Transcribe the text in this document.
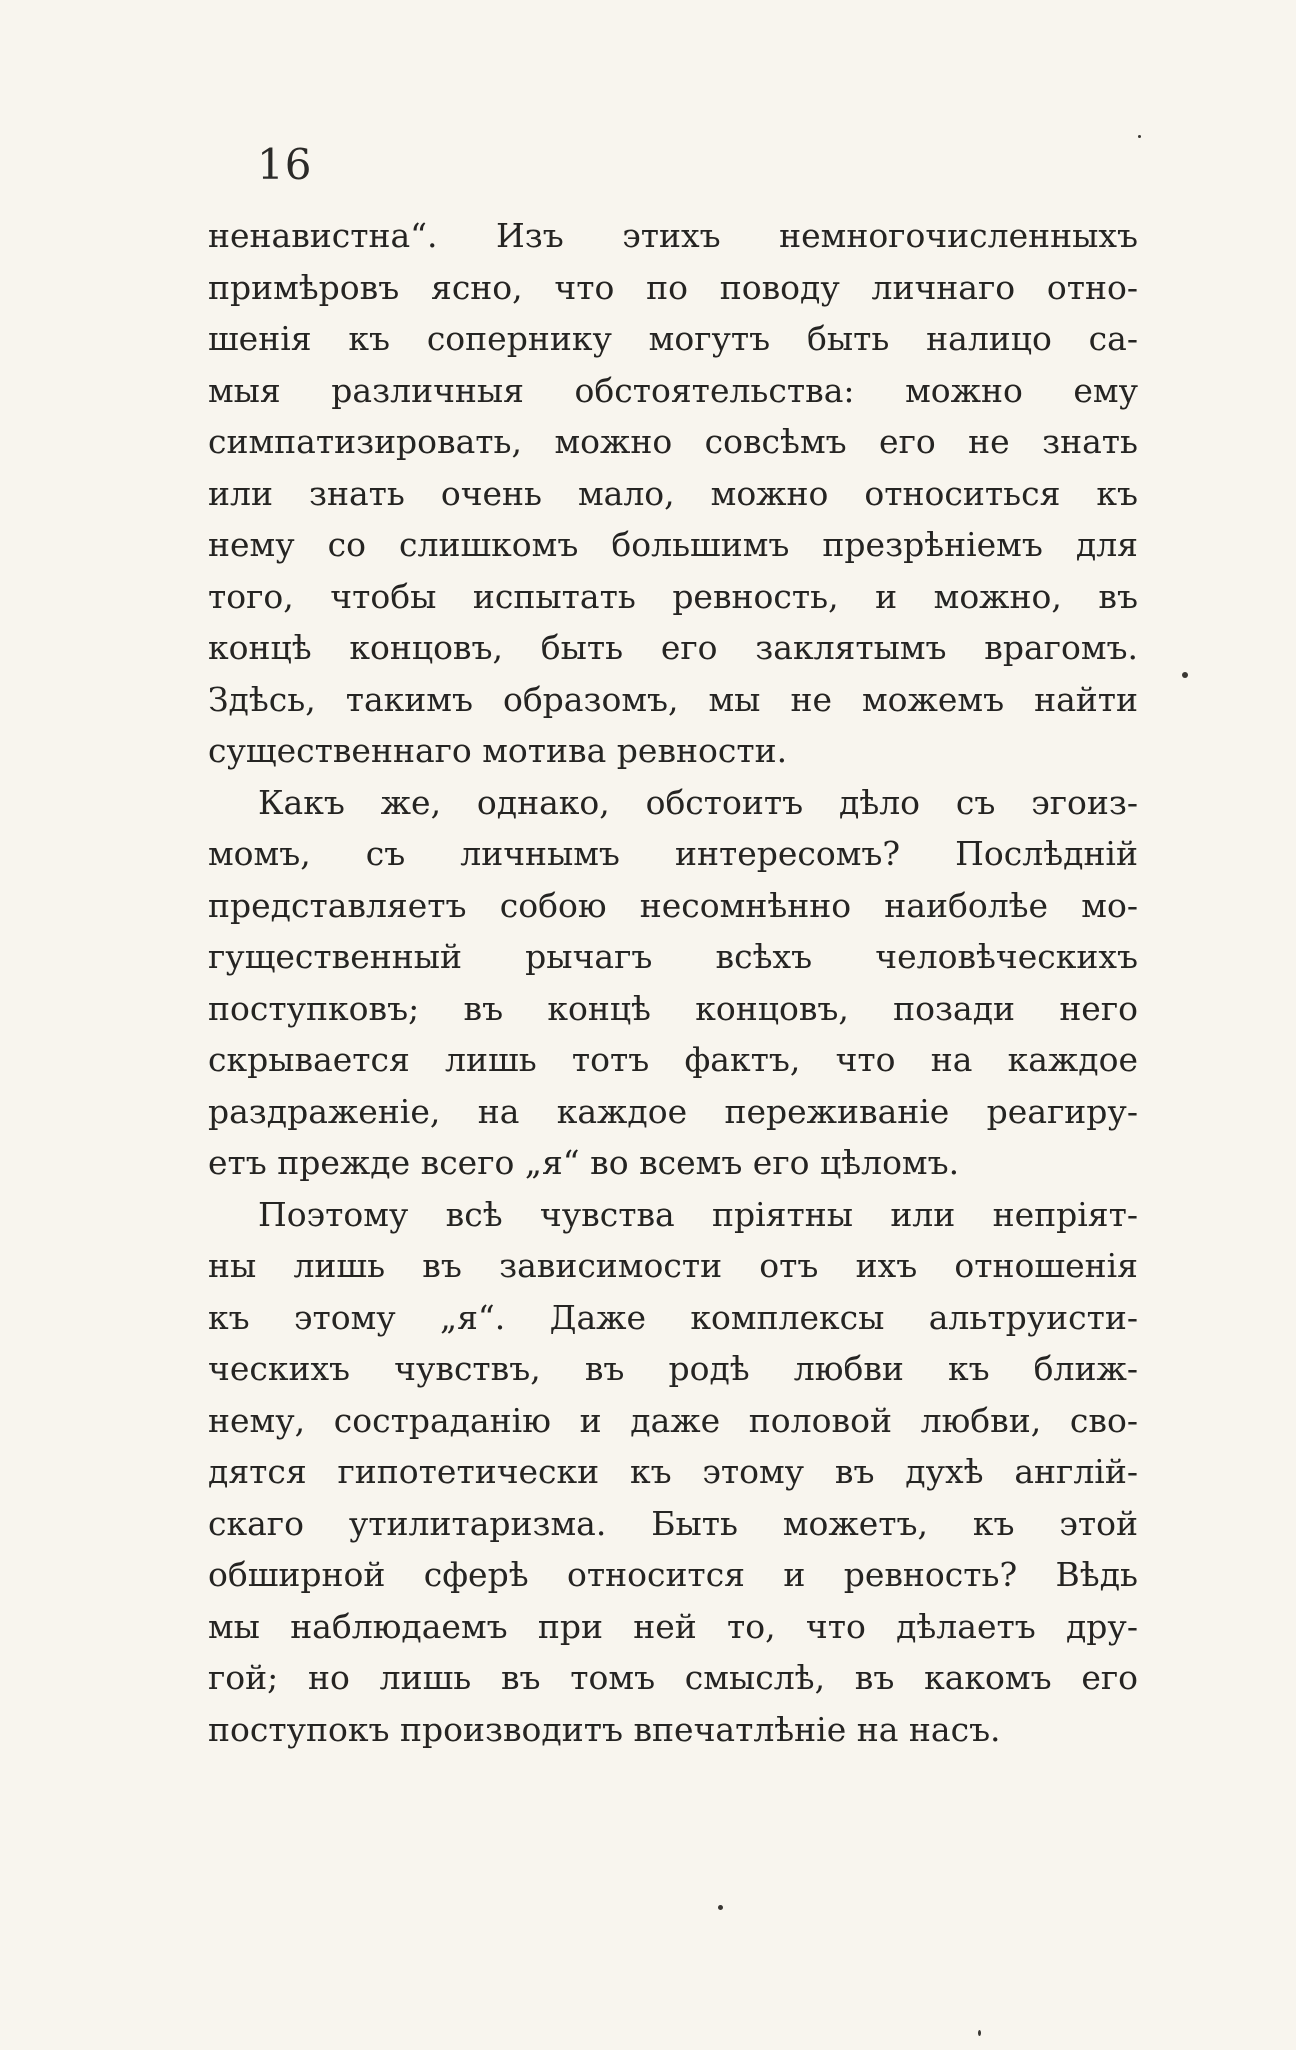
16
ненавистна“. Изъ этихъ немногочисленныхъ
примѣровъ ясно, что по поводу личнаго отно-
шенія къ сопернику могутъ быть налицо са-
мыя различныя обстоятельства: можно ему
симпатизировать, можно совсѣмъ его не знать
или знать очень мало, можно относиться къ
нему со слишкомъ большимъ презрѣніемъ для
того, чтобы испытать ревность, и можно, въ
концѣ концовъ, быть его заклятымъ врагомъ.
Здѣсь, такимъ образомъ, мы не можемъ найти
существеннаго мотива ревности.
Какъ же, однако, обстоитъ дѣло съ эгоиз-
момъ, съ личнымъ интересомъ? Послѣдній
представляетъ собою несомнѣнно наиболѣе мо-
гущественный рычагъ всѣхъ человѣческихъ
поступковъ; въ концѣ концовъ, позади него
скрывается лишь тотъ фактъ, что на каждое
раздраженіе, на каждое переживаніе реагиру-
етъ прежде всего „я“ во всемъ его цѣломъ.
Поэтому всѣ чувства пріятны или непріят-
ны лишь въ зависимости отъ ихъ отношенія
къ этому „я“. Даже комплексы альтруисти-
ческихъ чувствъ, въ родѣ любви къ ближ-
нему, состраданію и даже половой любви, сво-
дятся гипотетически къ этому въ духѣ англій-
скаго утилитаризма. Быть можетъ, къ этой
обширной сферѣ относится и ревность? Вѣдь
мы наблюдаемъ при ней то, что дѣлаетъ дру-
гой; но лишь въ томъ смыслѣ, въ какомъ его
поступокъ производитъ впечатлѣніе на насъ.
